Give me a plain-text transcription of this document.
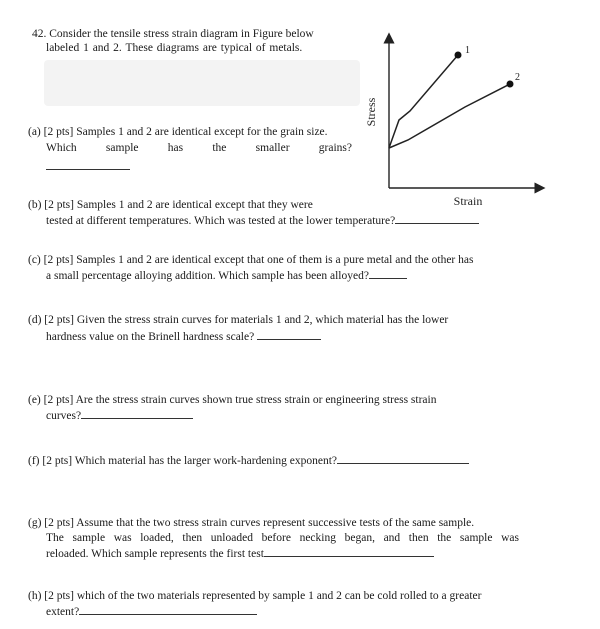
42. Consider the tensile stress strain diagram in Figure below
labeled 1 and 2. These diagrams are typical of metals.
(a) [2 pts] Samples 1 and 2 are identical except for the grain size.
Which sample has the smaller grains?
Stress
Strain
1
2
(b) [2 pts] Samples 1 and 2 are identical except that they were
tested at different temperatures. Which was tested at the lower temperature?
(c) [2 pts] Samples 1 and 2 are identical except that one of them is a pure metal and the other has
a small percentage alloying addition. Which sample has been alloyed?
(d) [2 pts] Given the stress strain curves for materials 1 and 2, which material has the lower
hardness value on the Brinell hardness scale?
(e) [2 pts] Are the stress strain curves shown true stress strain or engineering stress strain
curves?
(f) [2 pts] Which material has the larger work-hardening exponent?
(g) [2 pts] Assume that the two stress strain curves represent successive tests of the same sample.
The sample was loaded, then unloaded before necking began, and then the sample was
reloaded. Which sample represents the first test
(h) [2 pts] which of the two materials represented by sample 1 and 2 can be cold rolled to a greater
extent?
